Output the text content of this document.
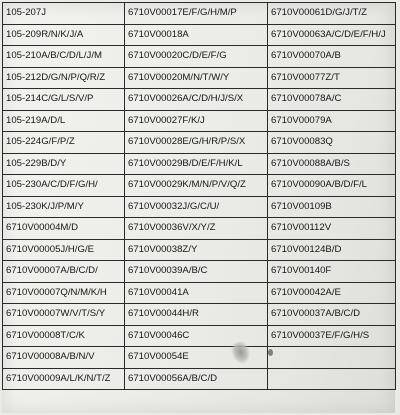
105-207J	6710V00017E/F/G/H/M/P	6710V00061D/G/J/T/Z
105-209R/N/K/J/A	6710V00018A	6710V00063A/C/D/E/F/H/J
105-210A/B/C/D/L/J/M	6710V00020C/D/E/F/G	6710V00070A/B
105-212D/G/N/P/Q/R/Z	6710V00020M/N/T/W/Y	6710V00077Z/T
105-214C/G/L/S/V/P	6710V00026A/C/D/H/J/S/X	6710V00078A/C
105-219A/D/L	6710V00027F/K/J	6710V00079A
105-224G/F/P/Z	6710V00028E/G/H/R/P/S/X	6710V00083Q
105-229B/D/Y	6710V00029B/D/E/F/H/K/L	6710V00088A/B/S
105-230A/C/D/F/G/H/	6710V00029K/M/N/P/V/Q/Z	6710V00090A/B/D/F/L
105-230K/J/P/M/Y	6710V00032J/G/C/U/	6710V00109B
6710V00004M/D	6710V00036V/X/Y/Z	6710V00112V
6710V00005J/H/G/E	6710V00038Z/Y	6710V00124B/D
6710V00007A/B/C/D/	6710V00039A/B/C	6710V00140F
6710V00007Q/N/M/K/H	6710V00041A	6710V00042A/E
6710V00007W/V/T/S/Y	6710V00044H/R	6710V00037A/B/C/D
6710V00008T/C/K	6710V00046C	6710V00037E/F/G/H/S
6710V00008A/B/N/V	6710V00054E	
6710V00009A/L/K/N/T/Z	6710V00056A/B/C/D	
